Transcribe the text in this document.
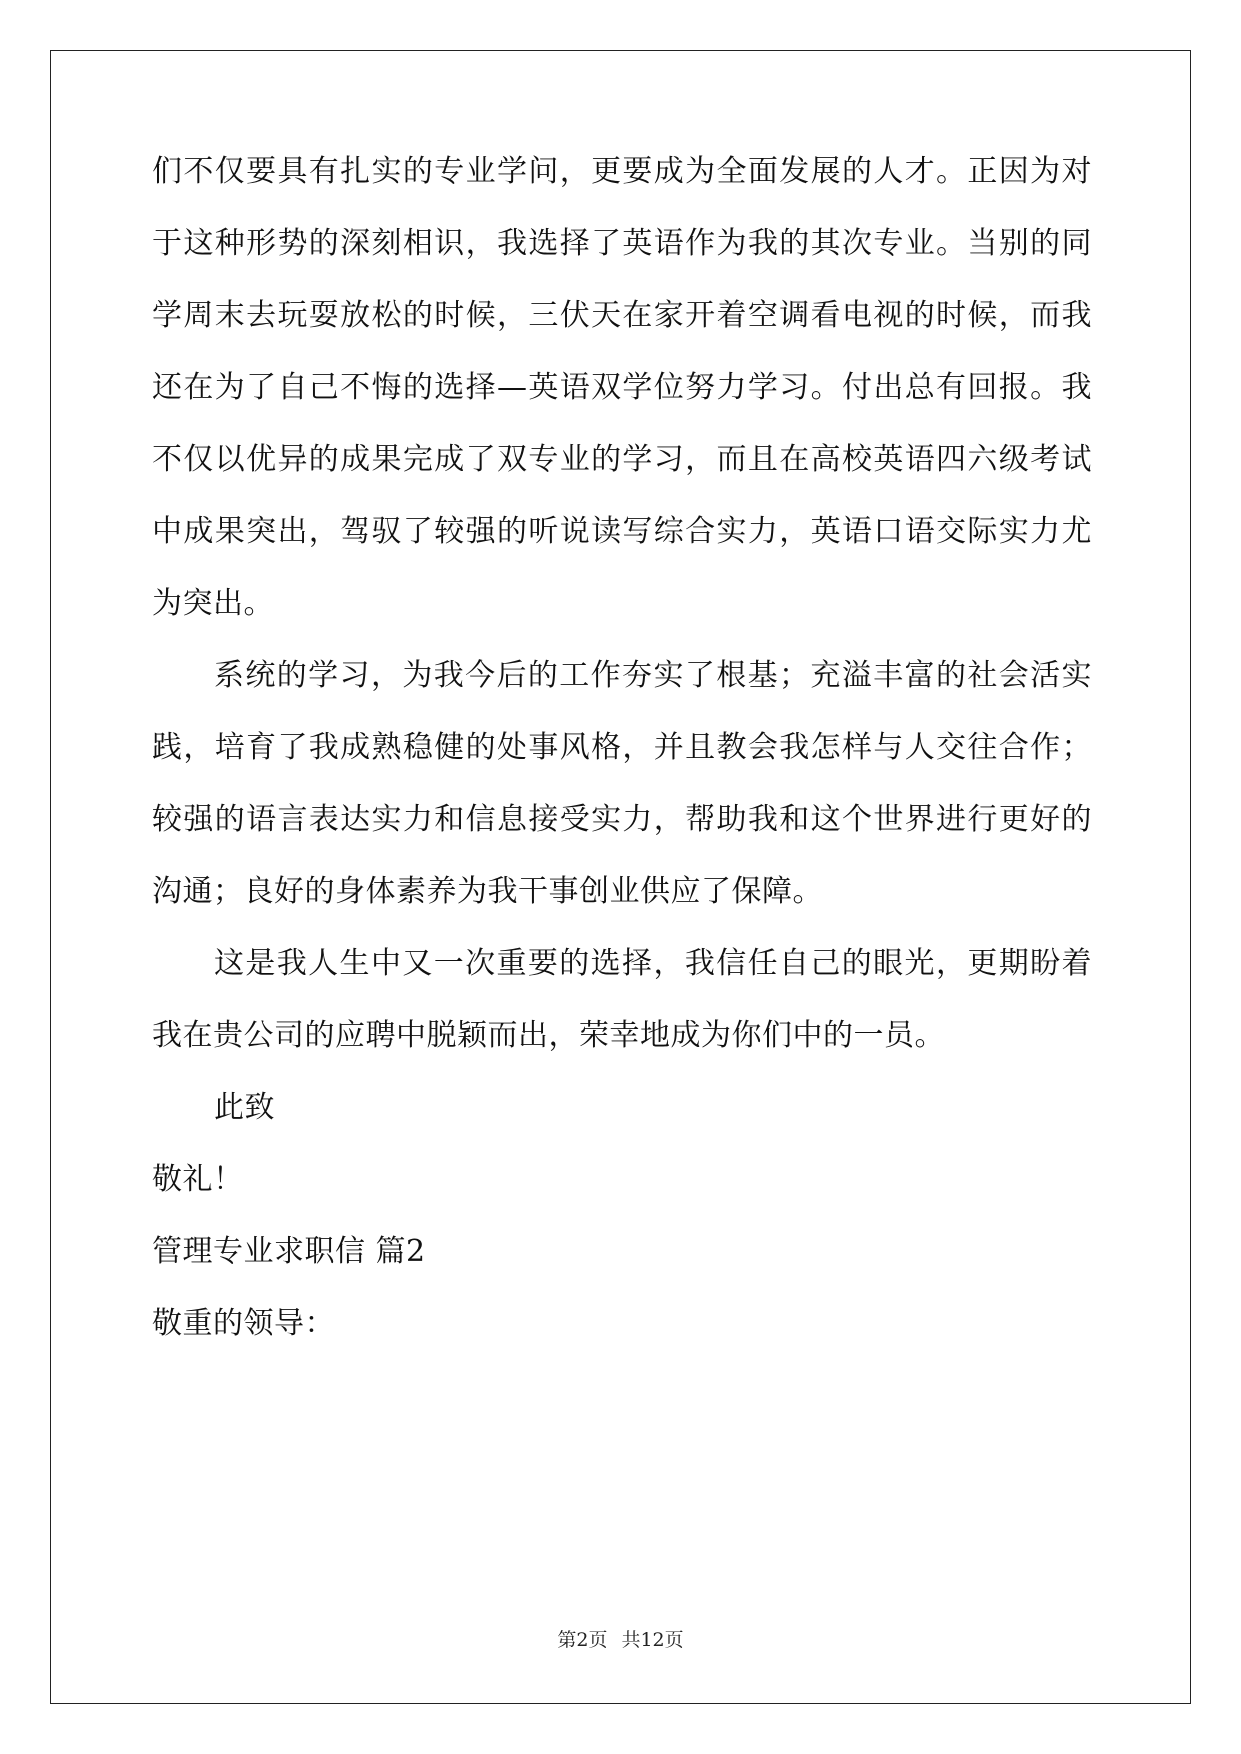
们不仅要具有扎实的专业学问，更要成为全面发展的人才。正因为对
于这种形势的深刻相识，我选择了英语作为我的其次专业。当别的同
学周末去玩耍放松的时候，三伏天在家开着空调看电视的时候，而我
还在为了自己不悔的选择—英语双学位努力学习。付出总有回报。我
不仅以优异的成果完成了双专业的学习，而且在高校英语四六级考试
中成果突出，驾驭了较强的听说读写综合实力，英语口语交际实力尤
为突出。
系统的学习，为我今后的工作夯实了根基；充溢丰富的社会活实
践，培育了我成熟稳健的处事风格，并且教会我怎样与人交往合作；
较强的语言表达实力和信息接受实力，帮助我和这个世界进行更好的
沟通；良好的身体素养为我干事创业供应了保障。
这是我人生中又一次重要的选择，我信任自己的眼光，更期盼着
我在贵公司的应聘中脱颖而出，荣幸地成为你们中的一员。
此致
敬礼！
管理专业求职信 篇2
敬重的领导：
第2页 共12页
